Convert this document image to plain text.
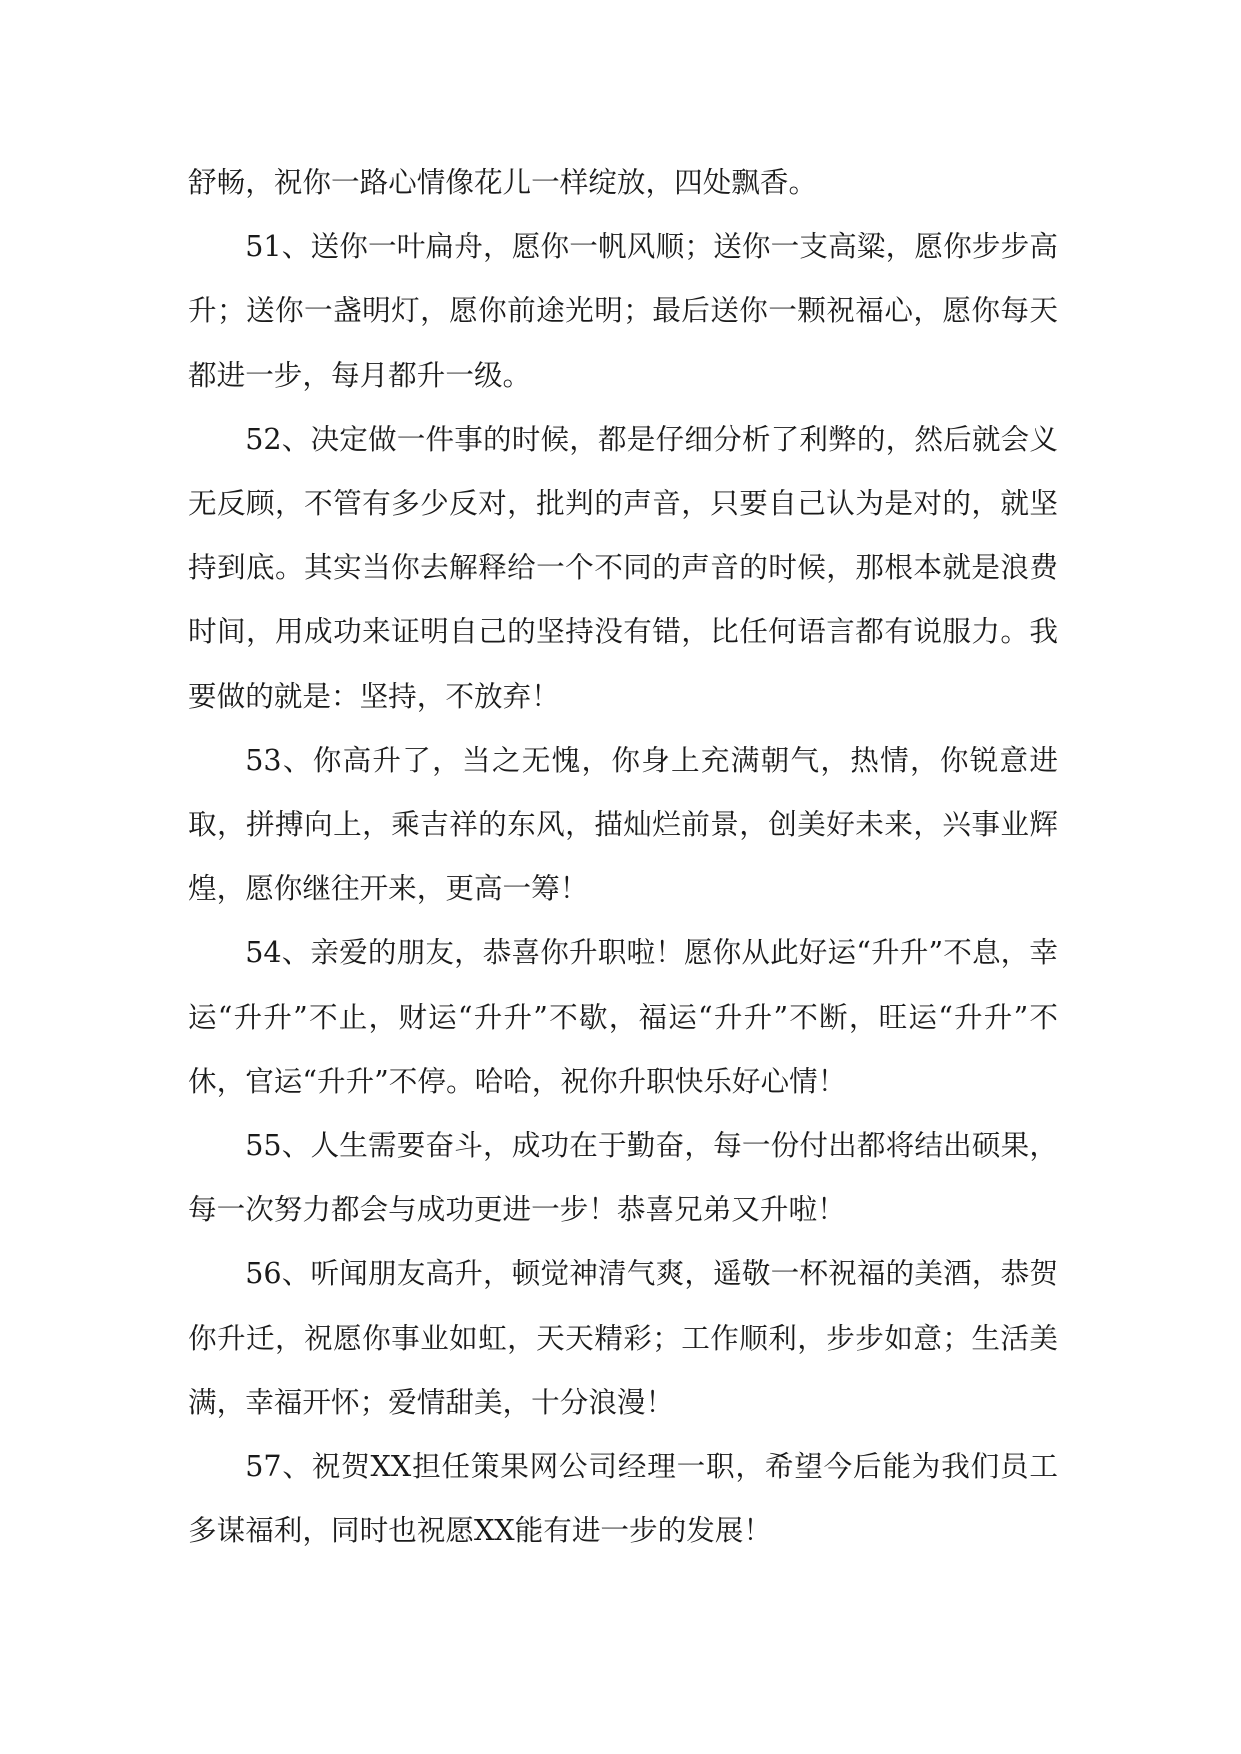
舒畅，祝你一路心情像花儿一样绽放，四处飘香。

51、送你一叶扁舟，愿你一帆风顺；送你一支高粱，愿你步步高升；送你一盏明灯，愿你前途光明；最后送你一颗祝福心，愿你每天都进一步，每月都升一级。

52、决定做一件事的时候，都是仔细分析了利弊的，然后就会义无反顾，不管有多少反对，批判的声音，只要自己认为是对的，就坚持到底。其实当你去解释给一个不同的声音的时候，那根本就是浪费时间，用成功来证明自己的坚持没有错，比任何语言都有说服力。我要做的就是：坚持，不放弃！

53、你高升了，当之无愧，你身上充满朝气，热情，你锐意进取，拼搏向上，乘吉祥的东风，描灿烂前景，创美好未来，兴事业辉煌，愿你继往开来，更高一筹！

54、亲爱的朋友，恭喜你升职啦！愿你从此好运“升升”不息，幸运“升升”不止，财运“升升”不歇，福运“升升”不断，旺运“升升”不休，官运“升升”不停。哈哈，祝你升职快乐好心情！

55、人生需要奋斗，成功在于勤奋，每一份付出都将结出硕果，每一次努力都会与成功更进一步！恭喜兄弟又升啦！

56、听闻朋友高升，顿觉神清气爽，遥敬一杯祝福的美酒，恭贺你升迁，祝愿你事业如虹，天天精彩；工作顺利，步步如意；生活美满，幸福开怀；爱情甜美，十分浪漫！

57、祝贺XX担任策果网公司经理一职，希望今后能为我们员工多谋福利，同时也祝愿XX能有进一步的发展！
